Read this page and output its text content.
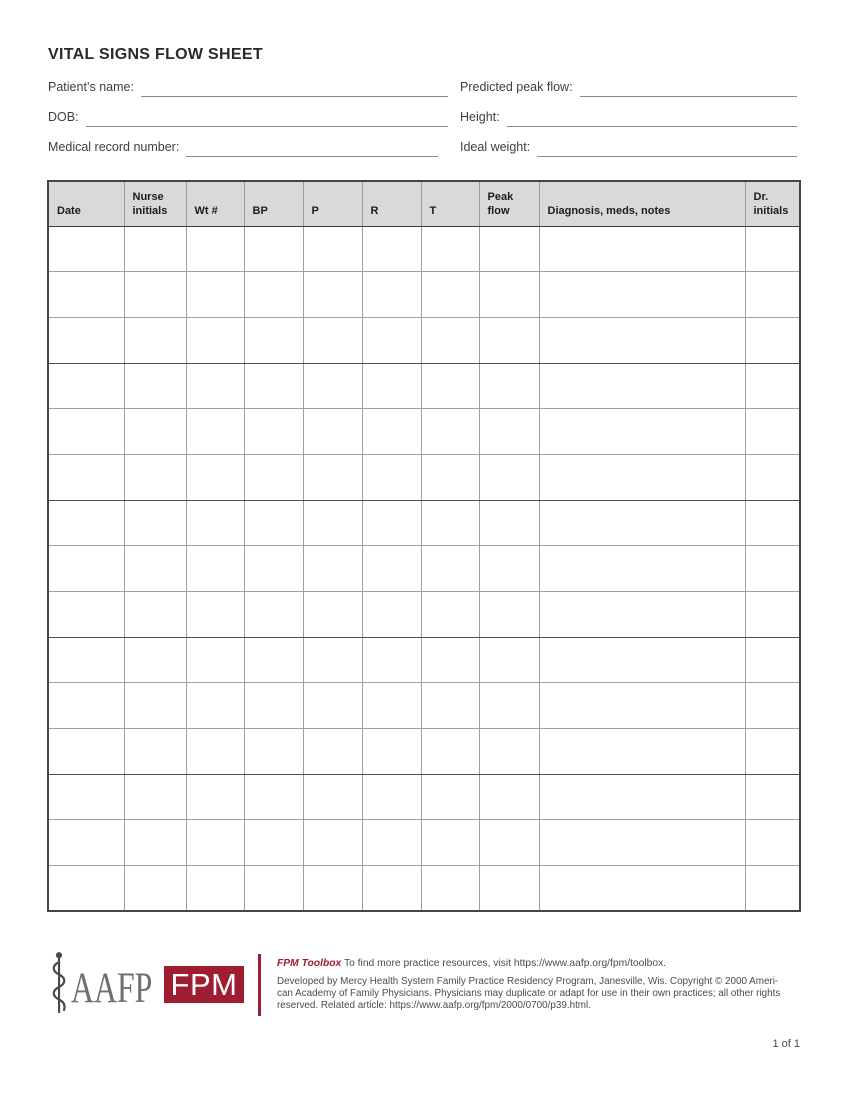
VITAL SIGNS FLOW SHEET
Patient’s name:
DOB:
Medical record number:
Predicted peak flow:
Height:
Ideal weight:
Date	Nurse initials	Wt #	BP	P	R	T	Peak flow	Diagnosis, meds, notes	Dr. initials

AAFP FPM
FPM Toolbox To find more practice resources, visit https://www.aafp.org/fpm/toolbox.
Developed by Mercy Health System Family Practice Residency Program, Janesville, Wis. Copyright © 2000 Ameri-
can Academy of Family Physicians. Physicians may duplicate or adapt for use in their own practices; all other rights
reserved. Related article: https://www.aafp.org/fpm/2000/0700/p39.html.
1 of 1
